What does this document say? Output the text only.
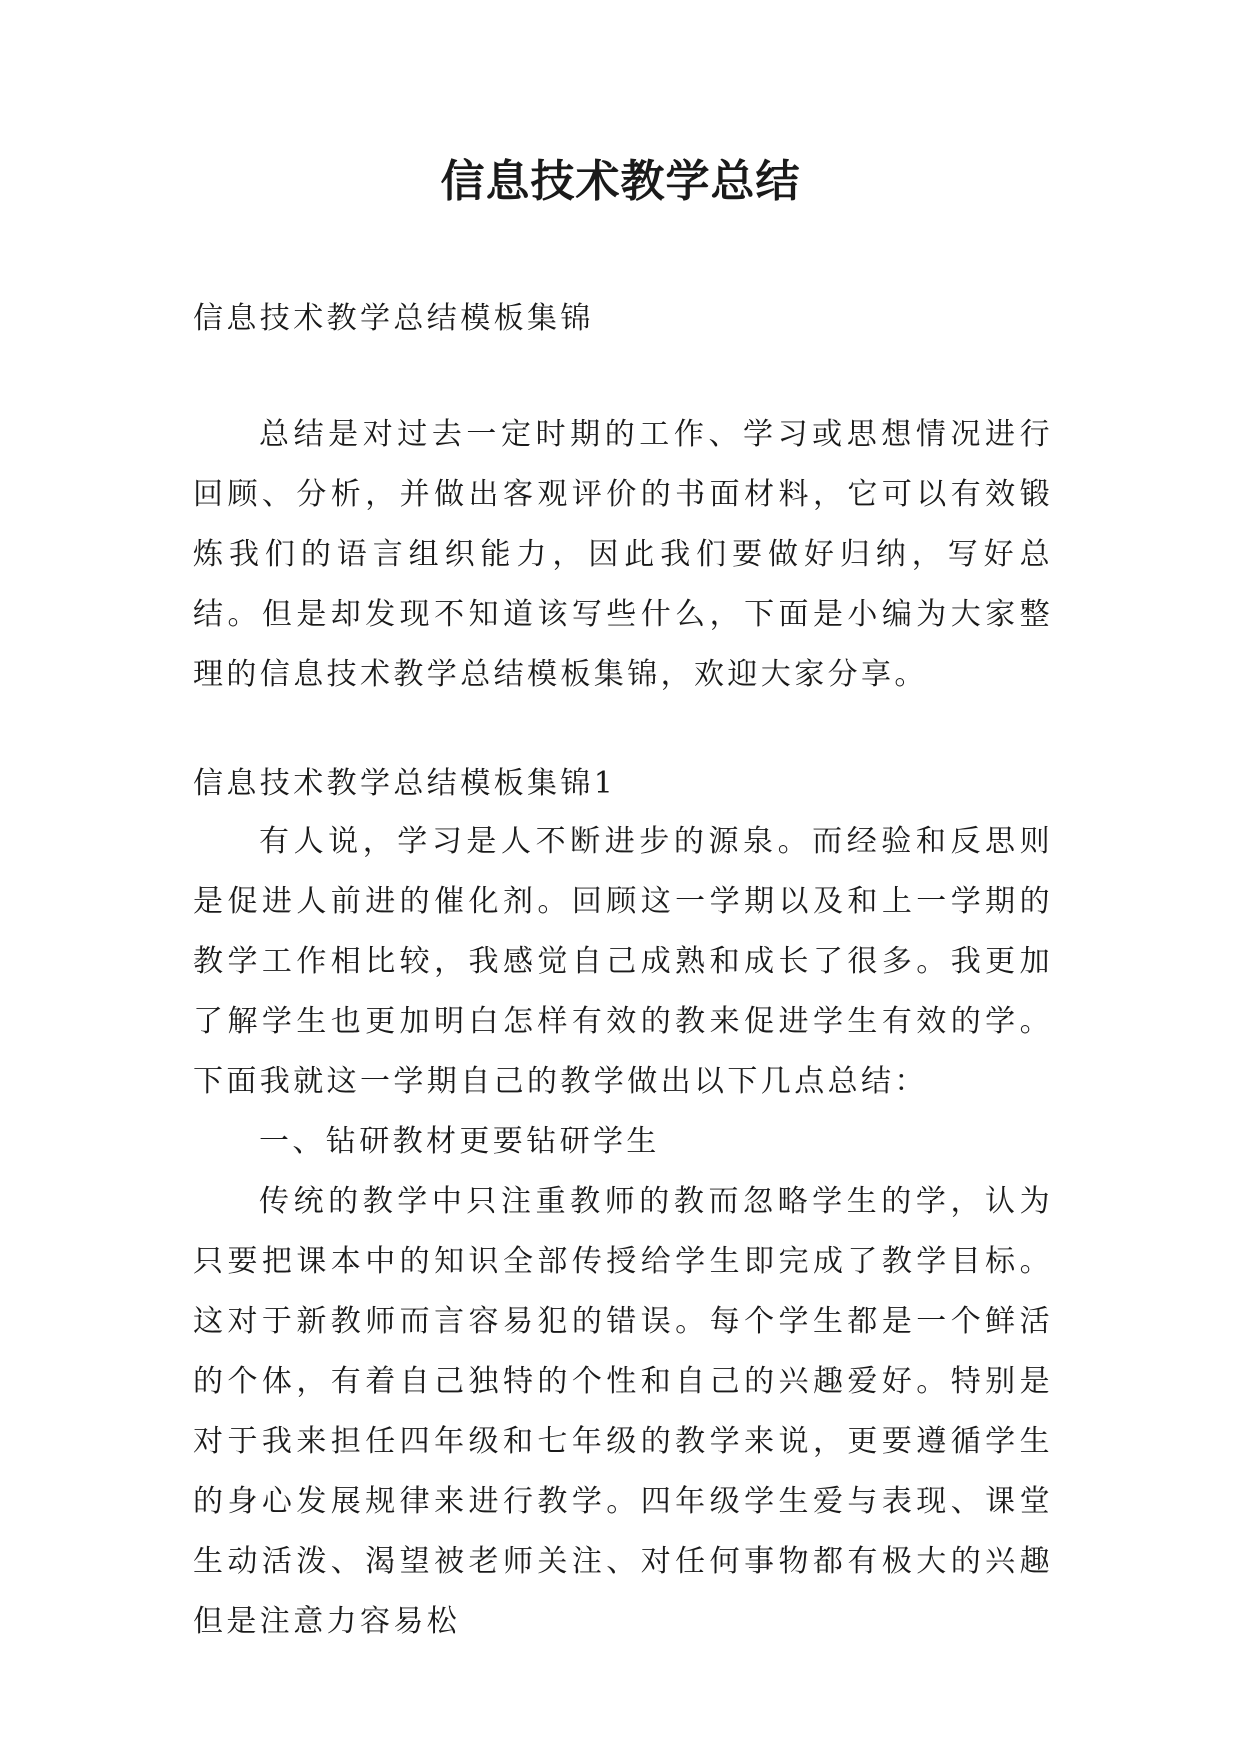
信息技术教学总结

信息技术教学总结模板集锦

总结是对过去一定时期的工作、学习或思想情况进行回顾、分析，并做出客观评价的书面材料，它可以有效锻炼我们的语言组织能力，因此我们要做好归纳，写好总结。但是却发现不知道该写些什么，下面是小编为大家整理的信息技术教学总结模板集锦，欢迎大家分享。

信息技术教学总结模板集锦1

有人说，学习是人不断进步的源泉。而经验和反思则是促进人前进的催化剂。回顾这一学期以及和上一学期的教学工作相比较，我感觉自己成熟和成长了很多。我更加了解学生也更加明白怎样有效的教来促进学生有效的学。下面我就这一学期自己的教学做出以下几点总结：

一、钻研教材更要钻研学生

传统的教学中只注重教师的教而忽略学生的学，认为只要把课本中的知识全部传授给学生即完成了教学目标。这对于新教师而言容易犯的错误。每个学生都是一个鲜活的个体，有着自己独特的个性和自己的兴趣爱好。特别是对于我来担任四年级和七年级的教学来说，更要遵循学生的身心发展规律来进行教学。四年级学生爱与表现、课堂生动活泼、渴望被老师关注、对任何事物都有极大的兴趣但是注意力容易松
